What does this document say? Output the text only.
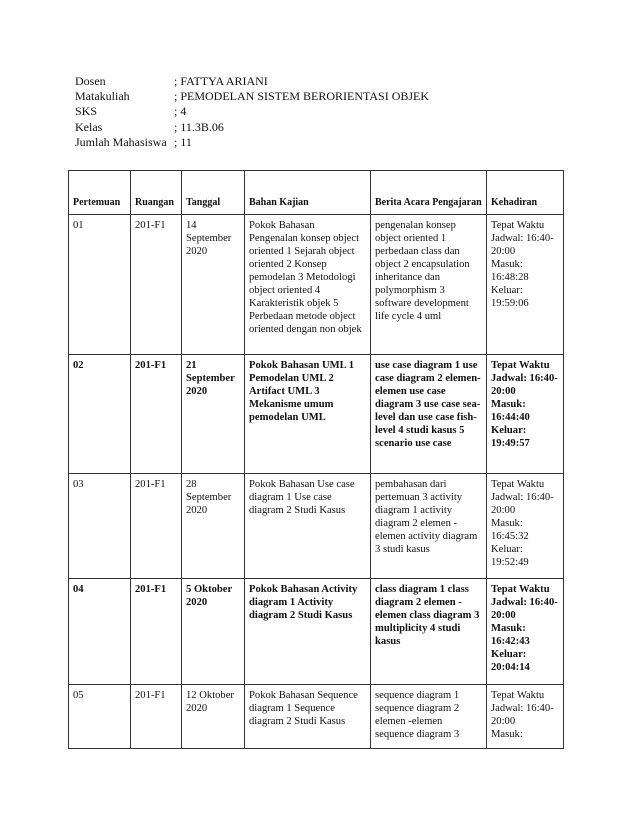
Dosen	; FATTYA ARIANI
Matakuliah	; PEMODELAN SISTEM BERORIENTASI OBJEK
SKS	; 4
Kelas	; 11.3B.06
Jumlah Mahasiswa ; 11
Pertemuan	Ruangan	Tanggal	Bahan Kajian	Berita Acara Pengajaran	Kehadiran
01	201-F1	14 September 2020	Pokok Bahasan Pengenalan konsep object oriented 1 Sejarah object oriented 2 Konsep pemodelan 3 Metodologi object oriented 4 Karakteristik objek 5 Perbedaan metode object oriented dengan non objek	pengenalan konsep object oriented 1 perbedaan class dan object 2 encapsulation inheritance dan polymorphism 3 software development life cycle 4 uml	Tepat Waktu
Jadwal: 16:40-20:00
Masuk: 16:48:28
Keluar: 19:59:06
02	201-F1	21 September 2020	Pokok Bahasan UML 1 Pemodelan UML 2 Artifact UML 3 Mekanisme umum pemodelan UML	use case diagram 1 use case diagram 2 elemen-elemen use case diagram 3 use case sea-level dan use case fish-level 4 studi kasus 5 scenario use case	Tepat Waktu
Jadwal: 16:40-20:00
Masuk: 16:44:40
Keluar: 19:49:57
03	201-F1	28 September 2020	Pokok Bahasan Use case diagram 1 Use case diagram 2 Studi Kasus	pembahasan dari pertemuan 3 activity diagram 1 activity diagram 2 elemen - elemen activity diagram 3 studi kasus	Tepat Waktu
Jadwal: 16:40-20:00
Masuk: 16:45:32
Keluar: 19:52:49
04	201-F1	5 Oktober 2020	Pokok Bahasan Activity diagram 1 Activity diagram 2 Studi Kasus	class diagram 1 class diagram 2 elemen - elemen class diagram 3 multiplicity 4 studi kasus	Tepat Waktu
Jadwal: 16:40-20:00
Masuk: 16:42:43
Keluar: 20:04:14
05	201-F1	12 Oktober 2020	Pokok Bahasan Sequence diagram 1 Sequence diagram 2 Studi Kasus	sequence diagram 1 sequence diagram 2 elemen -elemen sequence diagram 3	Tepat Waktu
Jadwal: 16:40-20:00
Masuk:
